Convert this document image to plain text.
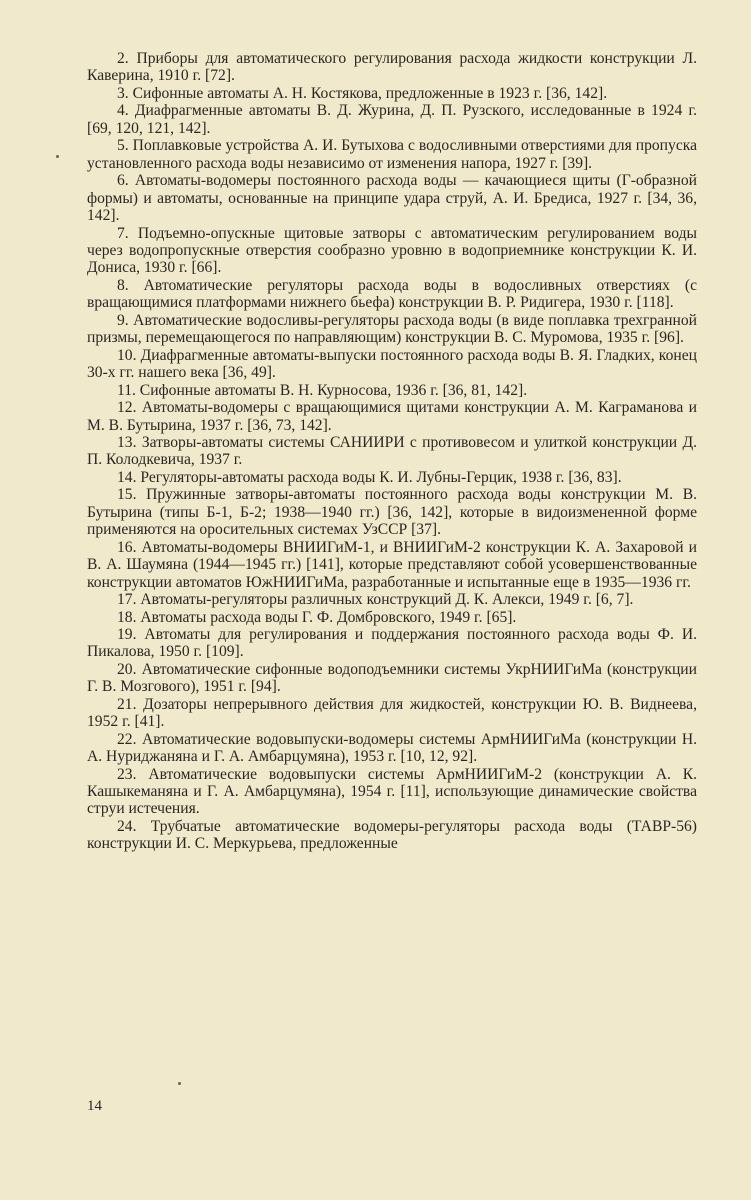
2. Приборы для автоматического регулирования расхода жидкости конструкции Л. Каверина, 1910 г. [72].

3. Сифонные автоматы А. Н. Костякова, предложенные в 1923 г. [36, 142].

4. Диафрагменные автоматы В. Д. Журина, Д. П. Рузского, исследованные в 1924 г. [69, 120, 121, 142].

5. Поплавковые устройства А. И. Бутыхова с водосливными отверстиями для пропуска установленного расхода воды независимо от изменения напора, 1927 г. [39].

6. Автоматы-водомеры постоянного расхода воды — качающиеся щиты (Г-образной формы) и автоматы, основанные на принципе удара струй, А. И. Бредиса, 1927 г. [34, 36, 142].

7. Подъемно-опускные щитовые затворы с автоматическим регулированием воды через водопропускные отверстия сообразно уровню в водоприемнике конструкции К. И. Дониса, 1930 г. [66].

8. Автоматические регуляторы расхода воды в водосливных отверстиях (с вращающимися платформами нижнего бьефа) конструкции В. Р. Ридигера, 1930 г. [118].

9. Автоматические водосливы-регуляторы расхода воды (в виде поплавка трехгранной призмы, перемещающегося по направляющим) конструкции В. С. Муромова, 1935 г. [96].

10. Диафрагменные автоматы-выпуски постоянного расхода воды В. Я. Гладких, конец 30-х гг. нашего века [36, 49].

11. Сифонные автоматы В. Н. Курносова, 1936 г. [36, 81, 142].

12. Автоматы-водомеры с вращающимися щитами конструкции А. М. Каграманова и М. В. Бутырина, 1937 г. [36, 73, 142].

13. Затворы-автоматы системы САНИИРИ с противовесом и улиткой конструкции Д. П. Колодкевича, 1937 г.

14. Регуляторы-автоматы расхода воды К. И. Лубны-Герцик, 1938 г. [36, 83].

15. Пружинные затворы-автоматы постоянного расхода воды конструкции М. В. Бутырина (типы Б-1, Б-2; 1938—1940 гг.) [36, 142], которые в видоизмененной форме применяются на оросительных системах УзССР [37].

16. Автоматы-водомеры ВНИИГиМ-1, и ВНИИГиМ-2 конструкции К. А. Захаровой и В. А. Шаумяна (1944—1945 гг.) [141], которые представляют собой усовершенствованные конструкции автоматов ЮжНИИГиМа, разработанные и испытанные еще в 1935—1936 гг.

17. Автоматы-регуляторы различных конструкций Д. К. Алекси, 1949 г. [6, 7].

18. Автоматы расхода воды Г. Ф. Домбровского, 1949 г. [65].

19. Автоматы для регулирования и поддержания постоянного расхода воды Ф. И. Пикалова, 1950 г. [109].

20. Автоматические сифонные водоподъемники системы УкрНИИГиМа (конструкции Г. В. Мозгового), 1951 г. [94].

21. Дозаторы непрерывного действия для жидкостей, конструкции Ю. В. Виднеева, 1952 г. [41].

22. Автоматические водовыпуски-водомеры системы АрмНИИГиМа (конструкции Н. А. Нуриджаняна и Г. А. Амбарцумяна), 1953 г. [10, 12, 92].

23. Автоматические водовыпуски системы АрмНИИГиМ-2 (конструкции А. К. Кашыкеманяна и Г. А. Амбарцумяна), 1954 г. [11], использующие динамические свойства струи истечения.

24. Трубчатые автоматические водомеры-регуляторы расхода воды (ТАВР-56) конструкции И. С. Меркурьева, предложенные

14
